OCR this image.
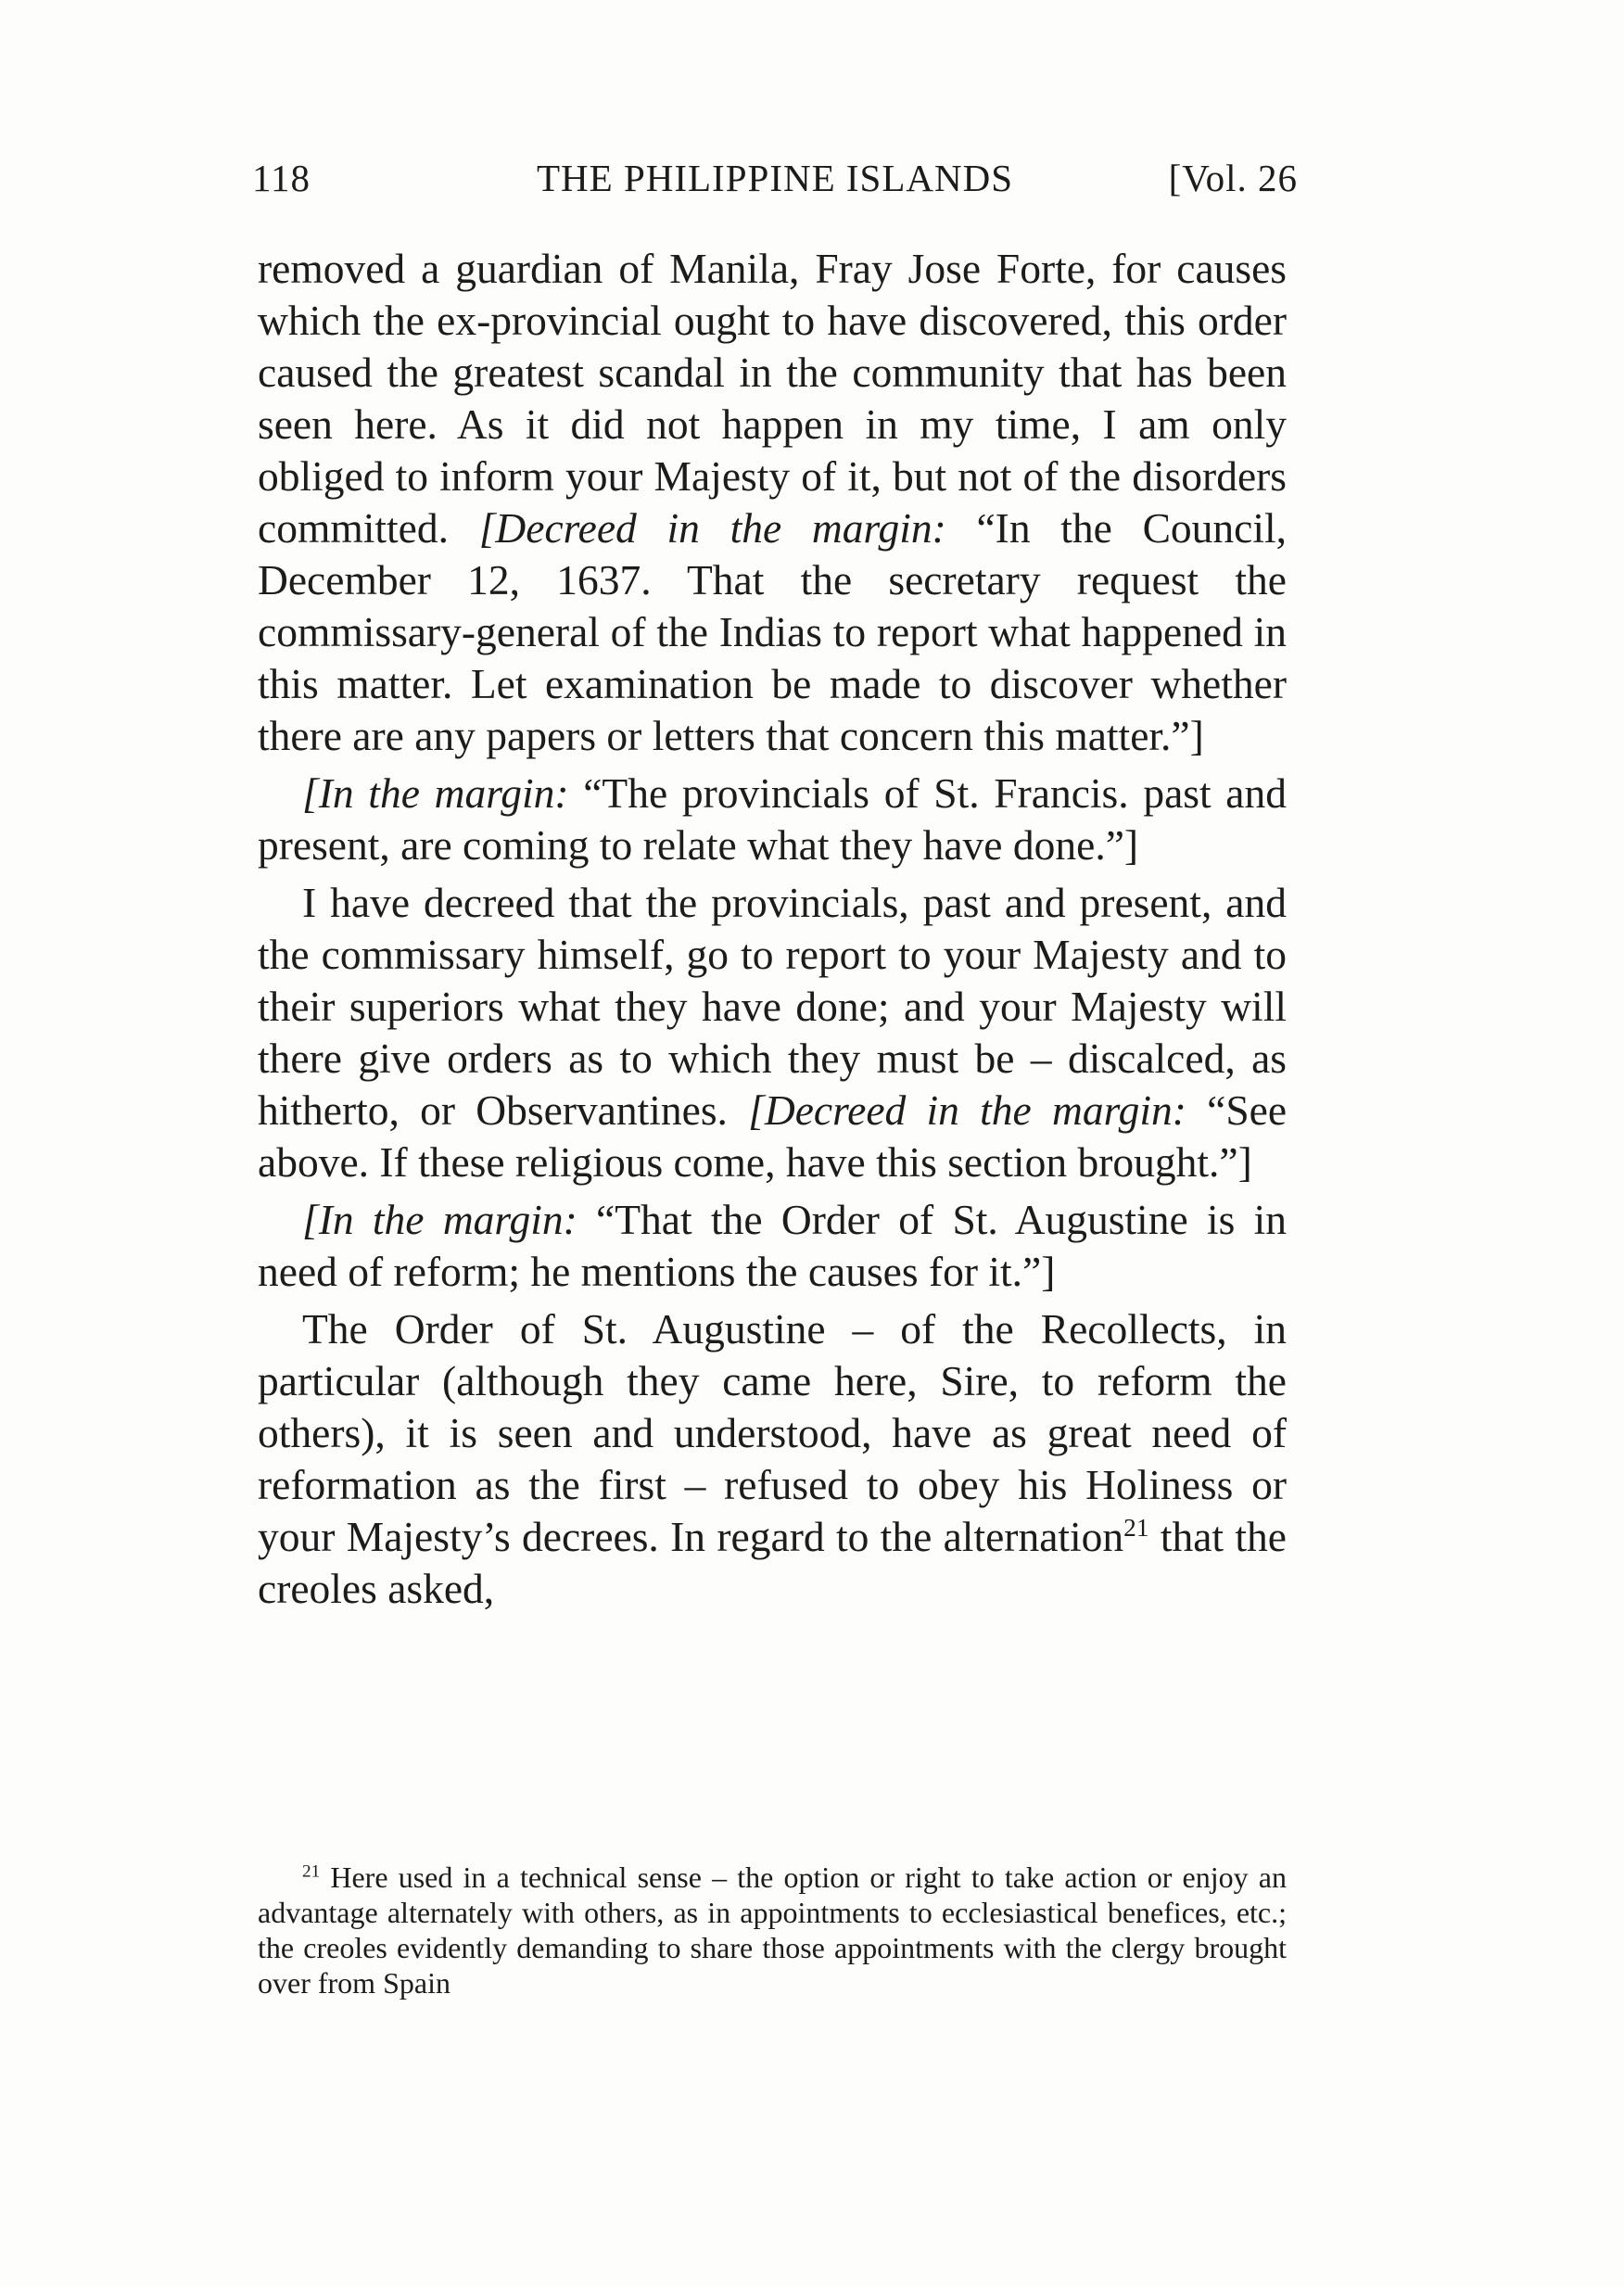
118	THE PHILIPPINE ISLANDS	[Vol. 26

removed a guardian of Manila, Fray Jose Forte, for causes which the ex-provincial ought to have discovered, this order caused the greatest scandal in the community that has been seen here. As it did not happen in my time, I am only obliged to inform your Majesty of it, but not of the disorders committed. [Decreed in the margin: “In the Council, December 12, 1637. That the secretary request the commissary-general of the Indias to report what happened in this matter. Let examination be made to discover whether there are any papers or letters that concern this matter.”]

[In the margin: “The provincials of St. Francis. past and present, are coming to relate what they have done.”]

I have decreed that the provincials, past and present, and the commissary himself, go to report to your Majesty and to their superiors what they have done; and your Majesty will there give orders as to which they must be – discalced, as hitherto, or Observantines. [Decreed in the margin: “See above. If these religious come, have this section brought.”]

[In the margin: “That the Order of St. Augustine is in need of reform; he mentions the causes for it.”]

The Order of St. Augustine – of the Recollects, in particular (although they came here, Sire, to reform the others), it is seen and understood, have as great need of reformation as the first – refused to obey his Holiness or your Majesty’s decrees. In regard to the alternation$^{21}$ that the creoles asked,

$^{21}$ Here used in a technical sense – the option or right to take action or enjoy an advantage alternately with others, as in appointments to ecclesiastical benefices, etc.; the creoles evidently demanding to share those appointments with the clergy brought over from Spain
